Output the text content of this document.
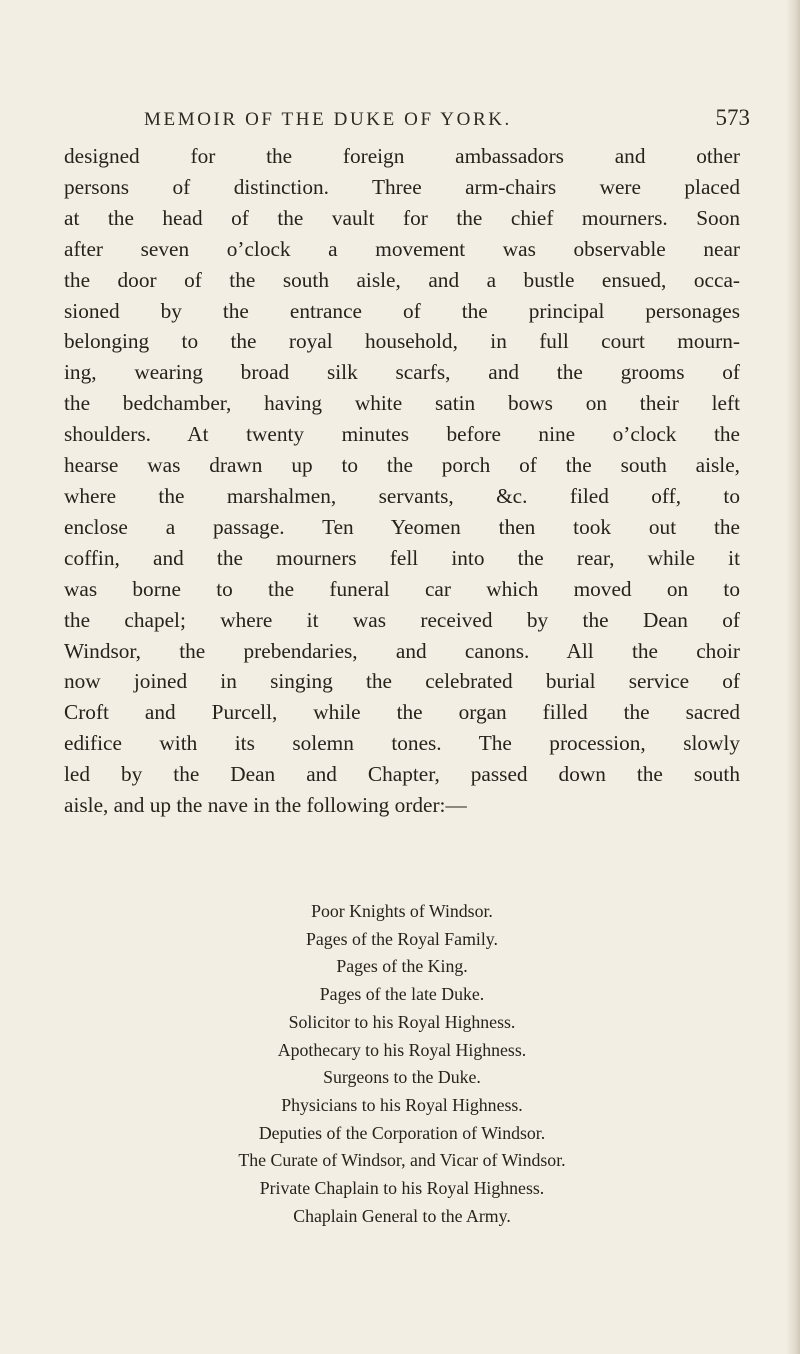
MEMOIR OF THE DUKE OF YORK.	573
designed for the foreign ambassadors and other
persons of distinction. Three arm-chairs were placed
at the head of the vault for the chief mourners. Soon
after seven o’clock a movement was observable near
the door of the south aisle, and a bustle ensued, occa-
sioned by the entrance of the principal personages
belonging to the royal household, in full court mourn-
ing, wearing broad silk scarfs, and the grooms of
the bedchamber, having white satin bows on their left
shoulders. At twenty minutes before nine o’clock the
hearse was drawn up to the porch of the south aisle,
where the marshalmen, servants, &c. filed off, to
enclose a passage. Ten Yeomen then took out the
coffin, and the mourners fell into the rear, while it
was borne to the funeral car which moved on to
the chapel; where it was received by the Dean of
Windsor, the prebendaries, and canons. All the choir
now joined in singing the celebrated burial service of
Croft and Purcell, while the organ filled the sacred
edifice with its solemn tones. The procession, slowly
led by the Dean and Chapter, passed down the south
aisle, and up the nave in the following order:—
Poor Knights of Windsor.
Pages of the Royal Family.
Pages of the King.
Pages of the late Duke.
Solicitor to his Royal Highness.
Apothecary to his Royal Highness.
Surgeons to the Duke.
Physicians to his Royal Highness.
Deputies of the Corporation of Windsor.
The Curate of Windsor, and Vicar of Windsor.
Private Chaplain to his Royal Highness.
Chaplain General to the Army.
